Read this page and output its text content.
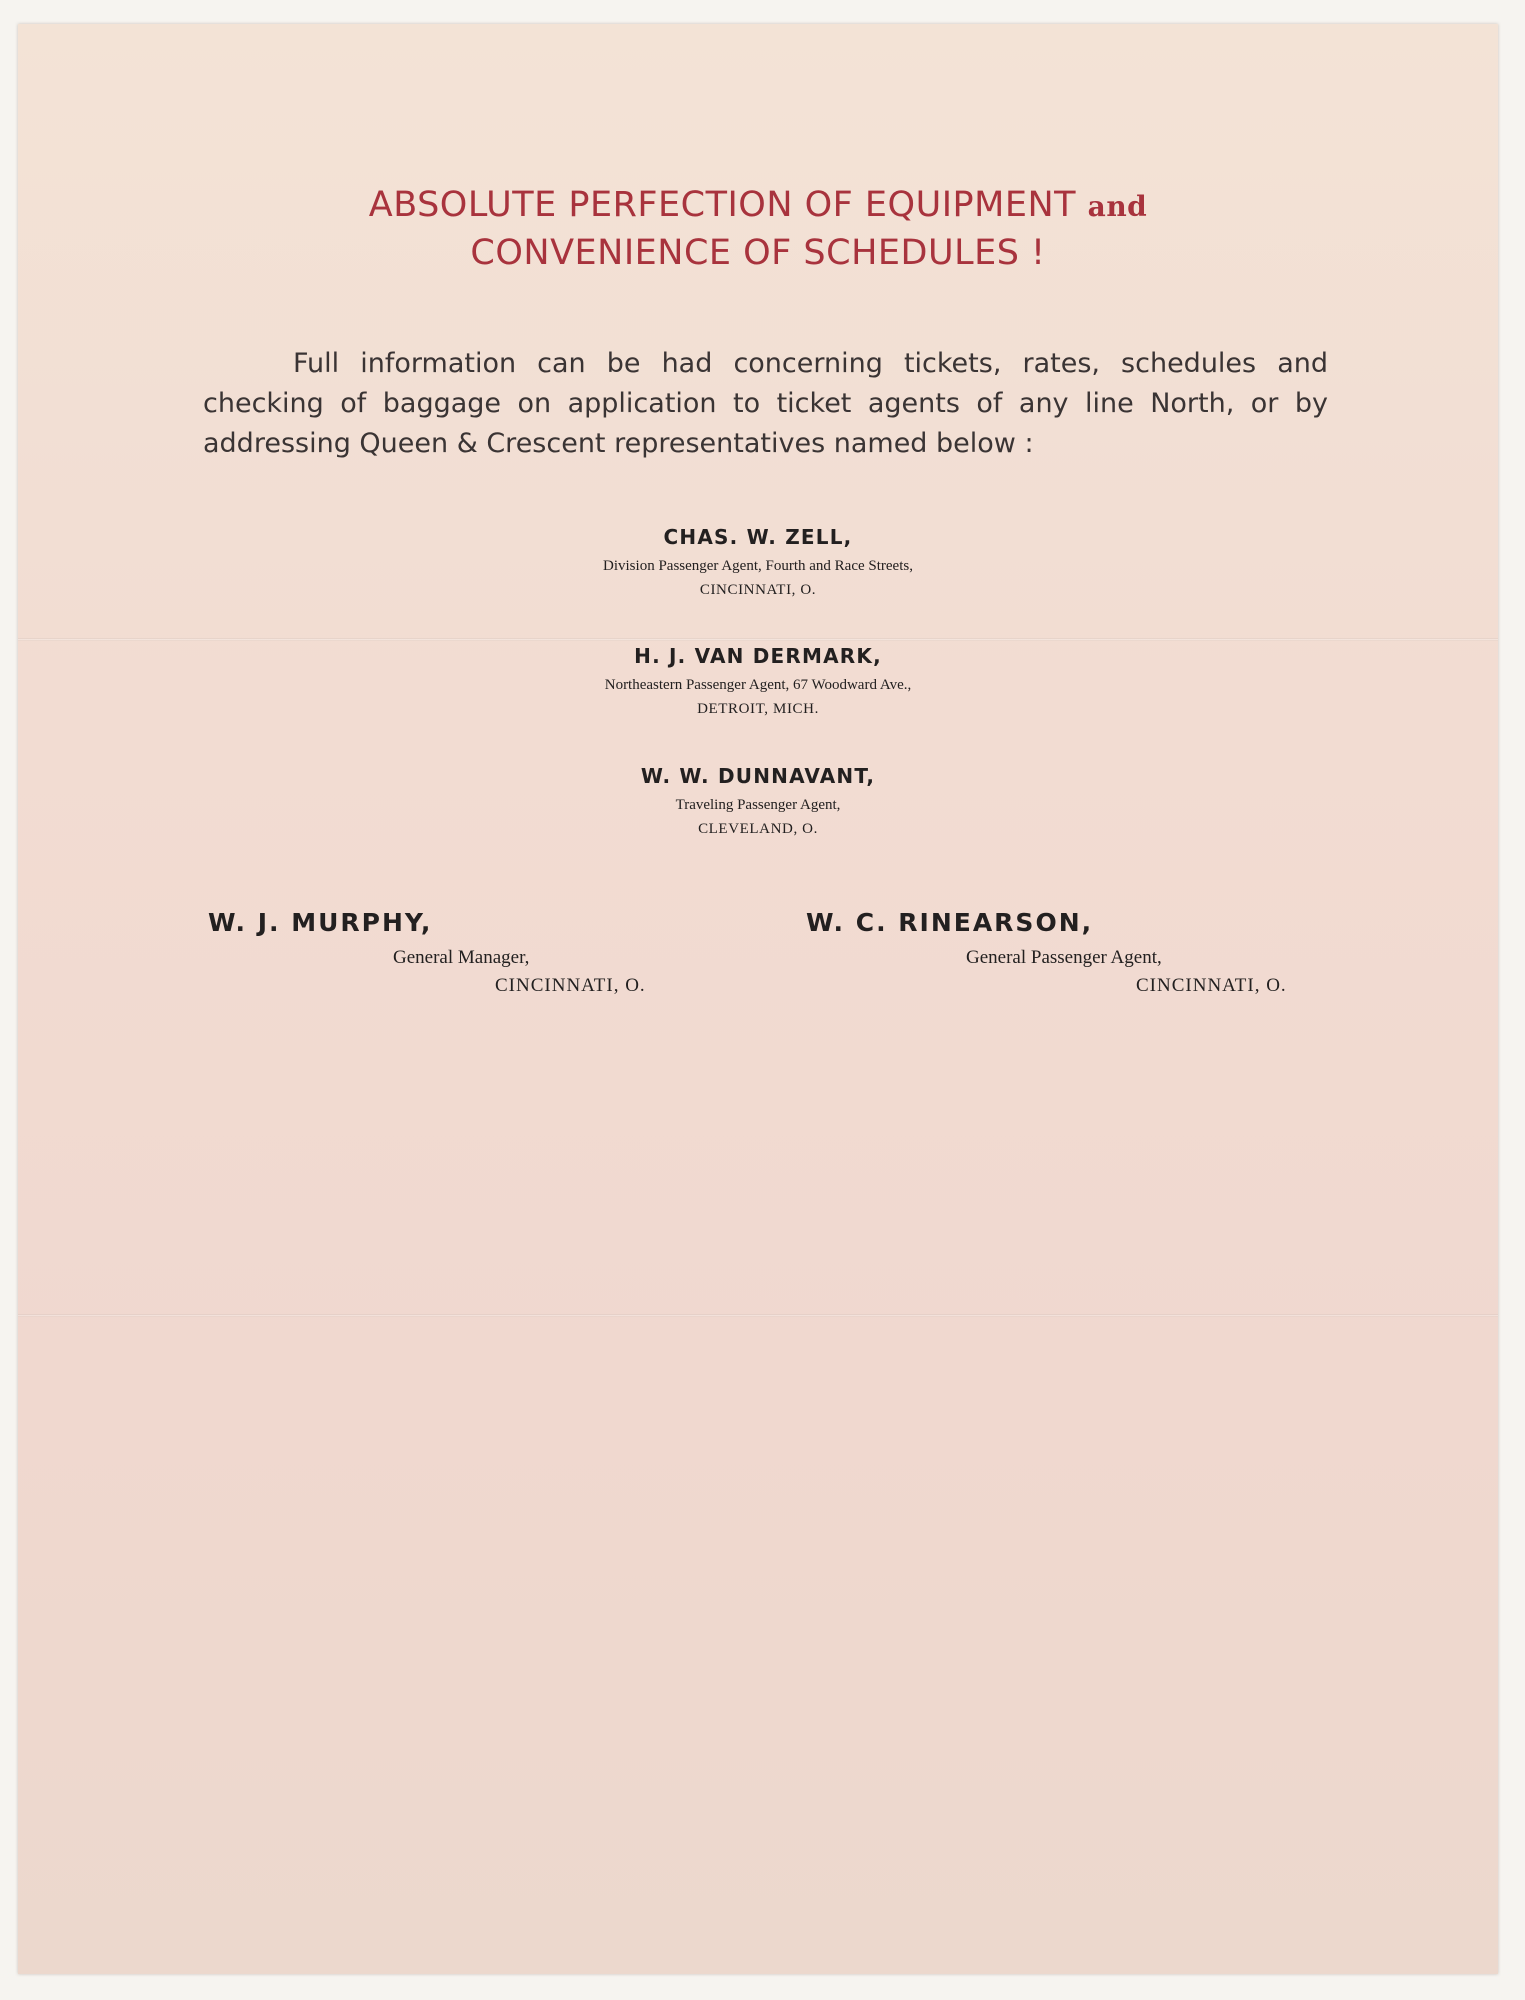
ABSOLUTE PERFECTION OF EQUIPMENT and
CONVENIENCE OF SCHEDULES !
Full information can be had concerning tickets, rates, schedules and checking of baggage on application to ticket agents of any line North, or by addressing Queen & Crescent representatives named below :
CHAS. W. ZELL,
Division Passenger Agent, Fourth and Race Streets,
CINCINNATI, O.
H. J. VAN DERMARK,
Northeastern Passenger Agent, 67 Woodward Ave.,
DETROIT, MICH.
W. W. DUNNAVANT,
Traveling Passenger Agent,
CLEVELAND, O.
W. J. MURPHY,
General Manager,
CINCINNATI, O.
W. C. RINEARSON,
General Passenger Agent,
CINCINNATI, O.
